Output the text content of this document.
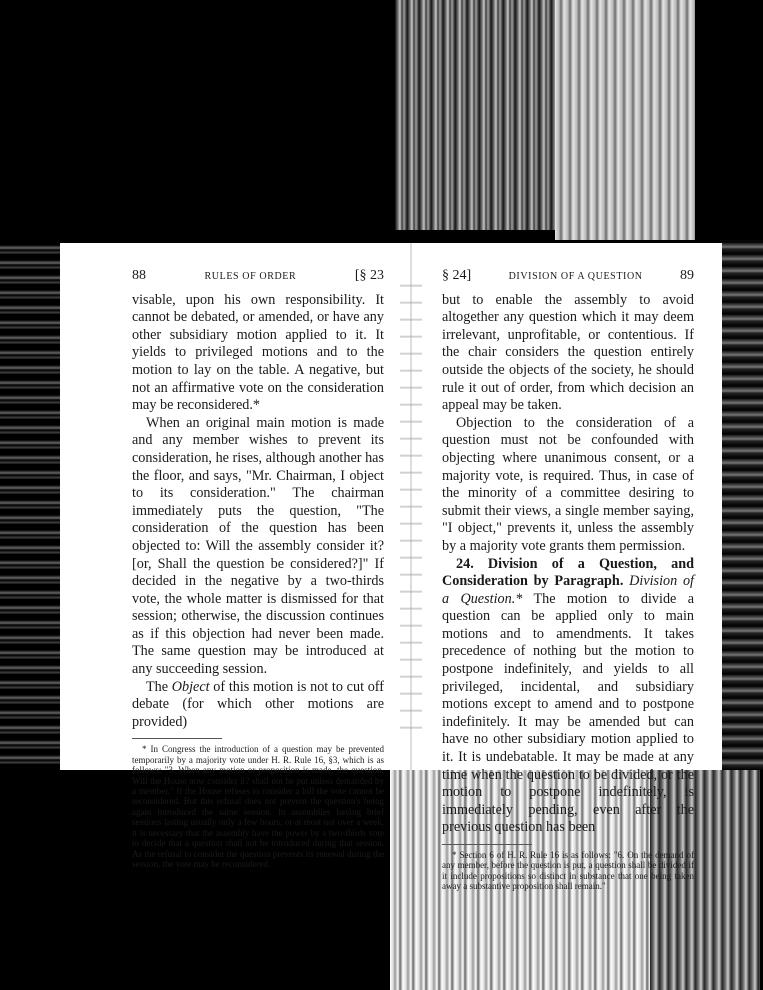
88	RULES OF ORDER	[§ 23

visable, upon his own responsibility. It cannot be debated, or amended, or have any other subsidiary motion applied to it. It yields to privileged motions and to the motion to lay on the table. A negative, but not an affirmative vote on the consideration may be reconsidered.*

When an original main motion is made and any member wishes to prevent its consideration, he rises, although another has the floor, and says, "Mr. Chairman, I object to its consideration." The chairman immediately puts the question, "The consideration of the question has been objected to: Will the assembly consider it? [or, Shall the question be considered?]" If decided in the negative by a two-thirds vote, the whole matter is dismissed for that session; otherwise, the discussion continues as if this objection had never been made. The same question may be introduced at any succeeding session.

The Object of this motion is not to cut off debate (for which other motions are provided)

* In Congress the introduction of a question may be prevented temporarily by a majority vote under H. R. Rule 16, §3, which is as follows: "3. When any motion or proposition is made, the question, Will the House now consider it? shall not be put unless demanded by a member." If the House refuses to consider a bill the vote cannot be reconsidered. But this refusal does not prevent the question's being again introduced the same session. In assemblies having brief sessions lasting usually only a few hours, or at most not over a week, it is necessary that the assembly have the power by a two-thirds vote to decide that a question shall not be introduced during that session. As the refusal to consider the question prevents its renewal during the session, the vote may be reconsidered.

§ 24]	DIVISION OF A QUESTION	89

but to enable the assembly to avoid altogether any question which it may deem irrelevant, unprofitable, or contentious. If the chair considers the question entirely outside the objects of the society, he should rule it out of order, from which decision an appeal may be taken.

Objection to the consideration of a question must not be confounded with objecting where unanimous consent, or a majority vote, is required. Thus, in case of the minority of a committee desiring to submit their views, a single member saying, "I object," prevents it, unless the assembly by a majority vote grants them permission.

24. Division of a Question, and Consideration by Paragraph. Division of a Question.* The motion to divide a question can be applied only to main motions and to amendments. It takes precedence of nothing but the motion to postpone indefinitely, and yields to all privileged, incidental, and subsidiary motions except to amend and to postpone indefinitely. It may be amended but can have no other subsidiary motion applied to it. It is undebatable. It may be made at any time when the question to be divided, or the motion to postpone indefinitely, is immediately pending, even after the previous question has been

* Section 6 of H. R. Rule 16 is as follows: "6. On the demand of any member, before the question is put, a question shall be divided if it include propositions so distinct in substance that one being taken away a substantive proposition shall remain."
